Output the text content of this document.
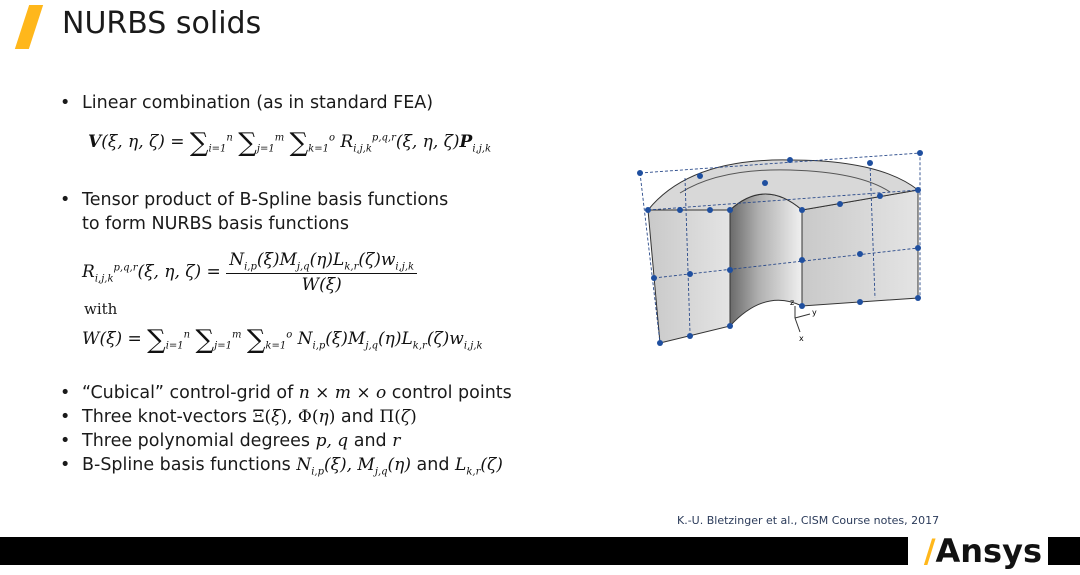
NURBS solids
• Linear combination (as in standard FEA)
V(ξ, η, $\zeta) = \sum_{i=1}^n$ $\sum_{j=1}^m$ $\sum_{k=1}^o$ $R_{i,j,k}^{p,q,r}(\xi$, η, $\zeta)P_{i,j,k}$
• Tensor product of B-Spline basis functions
to form NURBS basis functions
$R_{i,j,k}^{p,q,r}(\xi$, η, $\zeta) = \frac{N_{i,p}(\xi)M_{j,q}(\eta)L_{k,r}(\zeta)w_{i,j,k}}{W(\xi)}$
with
$W(\xi) = \sum_{i=1}^n$ $\sum_{j=1}^m$ $\sum_{k=1}^o$ $N_{i,p}(\xi)M_{j,q}(\eta)L_{k,r}(\zeta)w_{i,j,k}$
• “Cubical” control-grid of n × m × o control points
• Three knot-vectors Ξ(ξ), Φ(η) and Π(ζ)
• Three polynomial degrees p, q and r
• B-Spline basis functions $N_{i,p}(\xi)$, $M_{j,q}(\eta)$ and $L_{k,r}(\zeta)$
z
y
x
K.-U. Bletzinger et al., CISM Course notes, 2017
/Ansys
